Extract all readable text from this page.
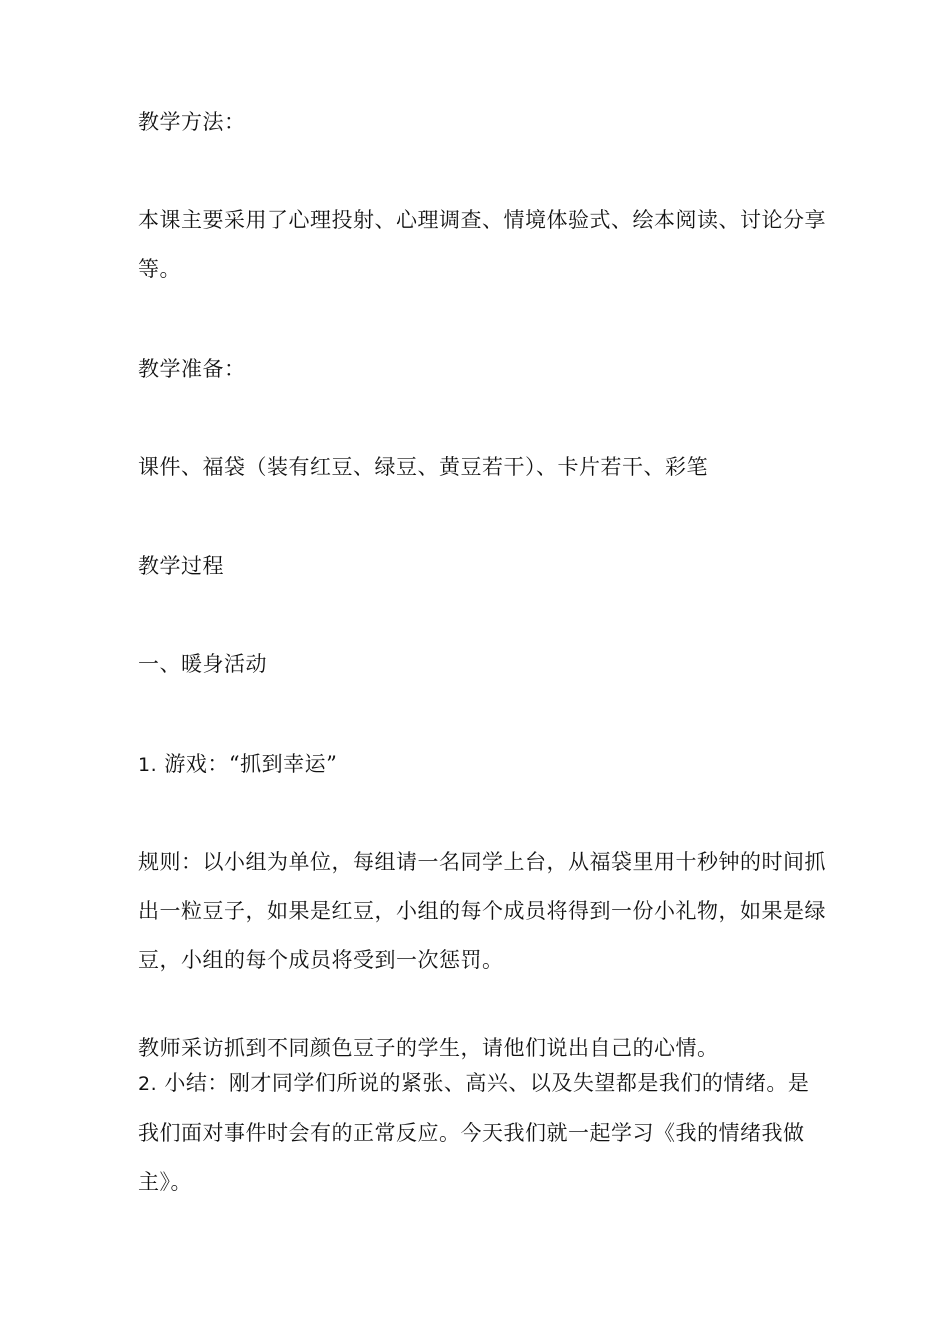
教学方法：

本课主要采用了心理投射、心理调查、情境体验式、绘本阅读、讨论分享等。

教学准备：

课件、福袋（装有红豆、绿豆、黄豆若干）、卡片若干、彩笔

教学过程

一、暖身活动

1. 游戏：“抓到幸运”

规则：以小组为单位，每组请一名同学上台，从福袋里用十秒钟的时间抓出一粒豆子，如果是红豆，小组的每个成员将得到一份小礼物，如果是绿豆，小组的每个成员将受到一次惩罚。

教师采访抓到不同颜色豆子的学生，请他们说出自己的心情。

2. 小结：刚才同学们所说的紧张、高兴、以及失望都是我们的情绪。是我们面对事件时会有的正常反应。今天我们就一起学习《我的情绪我做主》。
